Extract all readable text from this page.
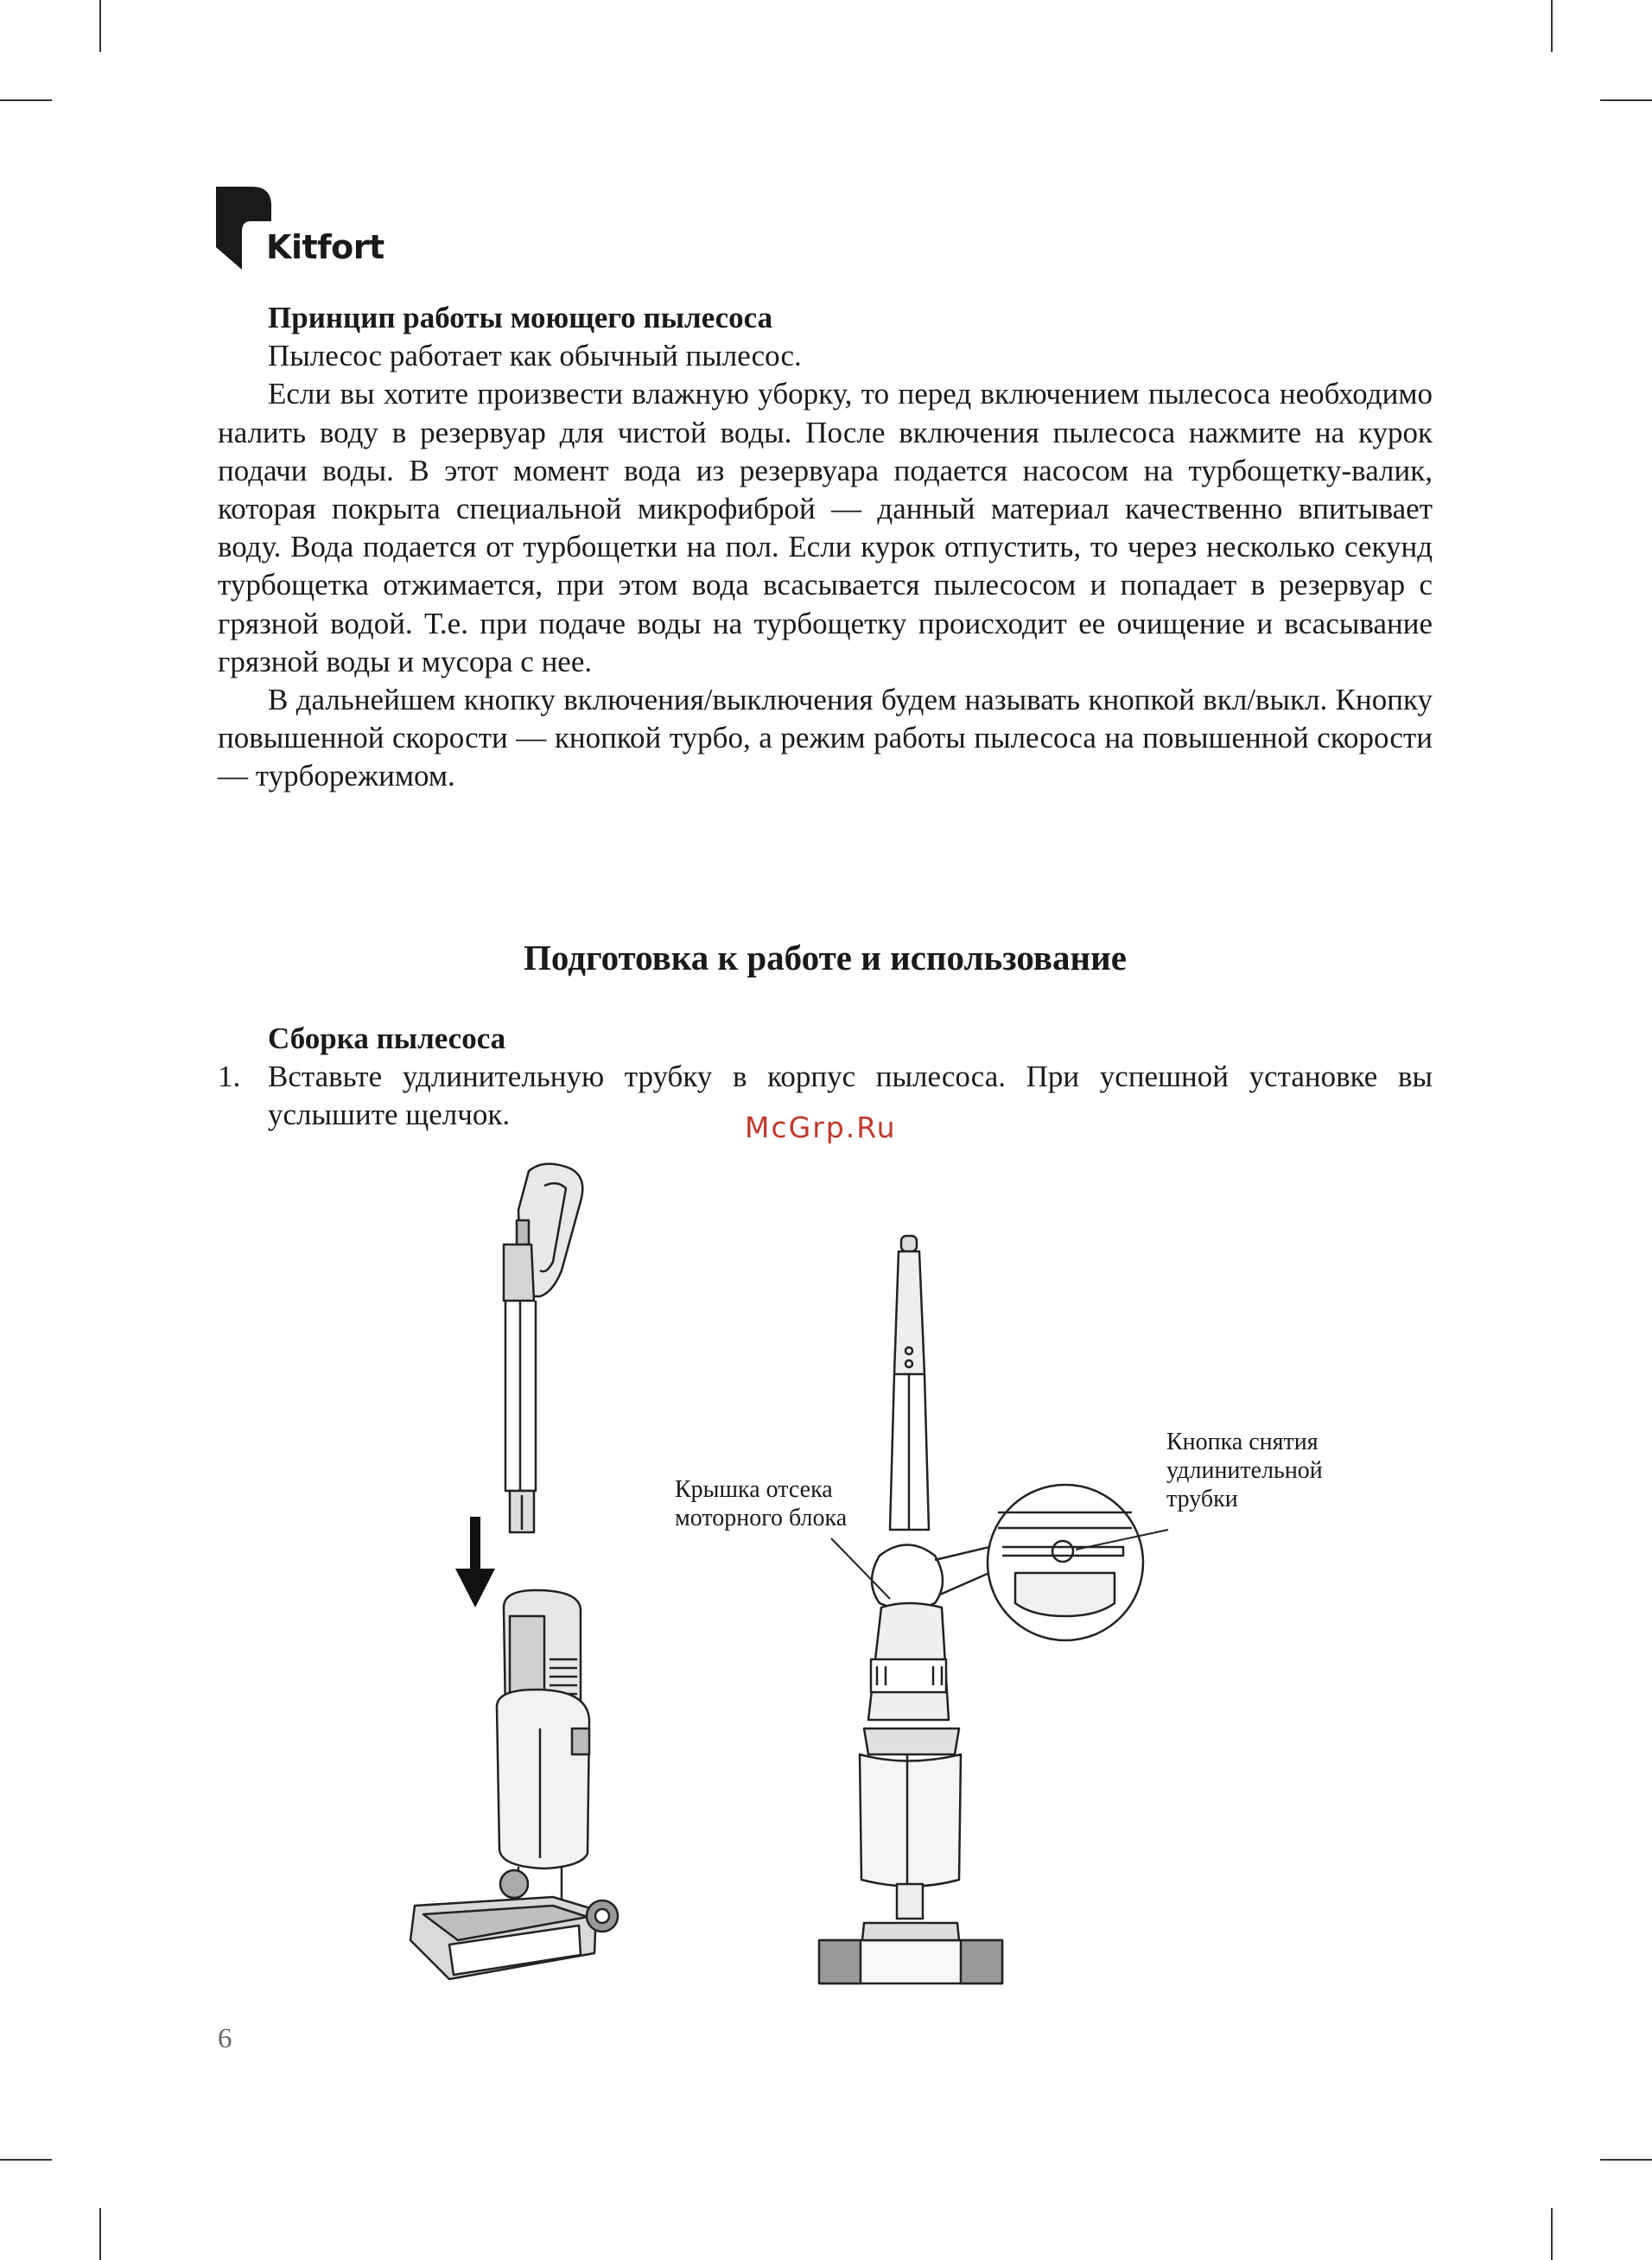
Kitfort

Принцип работы моющего пылесоса

Пылесос работает как обычный пылесос.

Если вы хотите произвести влажную уборку, то перед включением пылесоса необходимо налить воду в резервуар для чистой воды. После включения пылесоса нажмите на курок подачи воды. В этот момент вода из резервуара подается насосом на турбощетку-валик, которая покрыта специальной микрофиброй — данный материал качественно впитывает воду. Вода подается от турбощетки на пол. Если курок отпустить, то через несколько секунд турбощетка отжимается, при этом вода всасывается пылесосом и попадает в резервуар с грязной водой. Т.е. при подаче воды на турбощетку происходит ее очищение и всасывание грязной воды и мусора с нее.

В дальнейшем кнопку включения/выключения будем называть кнопкой вкл/выкл. Кнопку повышенной скорости — кнопкой турбо, а режим работы пылесоса на повышенной скорости — турборежимом.

Подготовка к работе и использование
Сборка пылесоса
1. Вставьте удлинительную трубку в корпус пылесоса. При успешной установке вы услышите щелчок.	McGrp.Ru
Крышка отсека
моторного блока
Кнопка снятия
удлинительной
трубки
6
